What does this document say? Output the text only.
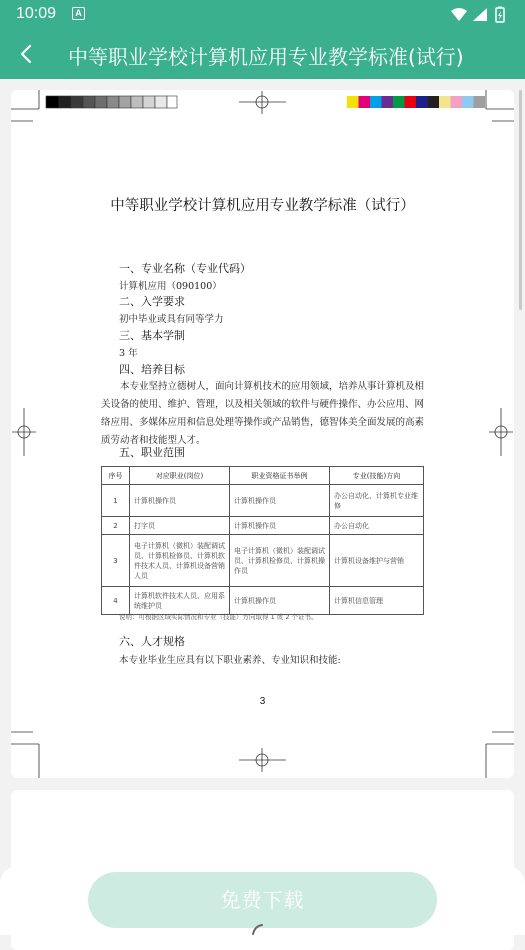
10:09	A
中等职业学校计算机应用专业教学标准(试行)
中等职业学校计算机应用专业教学标准（试行）
一、专业名称（专业代码）
计算机应用（090100）
二、入学要求
初中毕业或具有同等学力
三、基本学制
3 年
四、培养目标
本专业坚持立德树人，面向计算机技术的应用领域，培养从事计算机及相
关设备的使用、维护、管理，以及相关领域的软件与硬件操作、办公应用、网
络应用、多媒体应用和信息处理等操作或产品销售，德智体美全面发展的高素
质劳动者和技能型人才。
五、职业范围
序号	对应职业(岗位)	职业资格证书举例	专业(技能)方向
1	计算机操作员	计算机操作员	办公自动化、计算机专业维修
2	打字员	计算机操作员	办公自动化
3	电子计算机（微机）装配调试员、计算机检修员、计算机软件技术人员、计算机设备营销人员	电子计算机（微机）装配调试员、计算机检修员、计算机操作员	计算机设备维护与营销
4	计算机软件技术人员、应用系统维护员	计算机操作员	计算机信息管理
说明：可根据区域实际情况和专业（技能）方向取得 1 或 2 个证书。
六、人才规格
本专业毕业生应具有以下职业素养、专业知识和技能:
3
免费下载
